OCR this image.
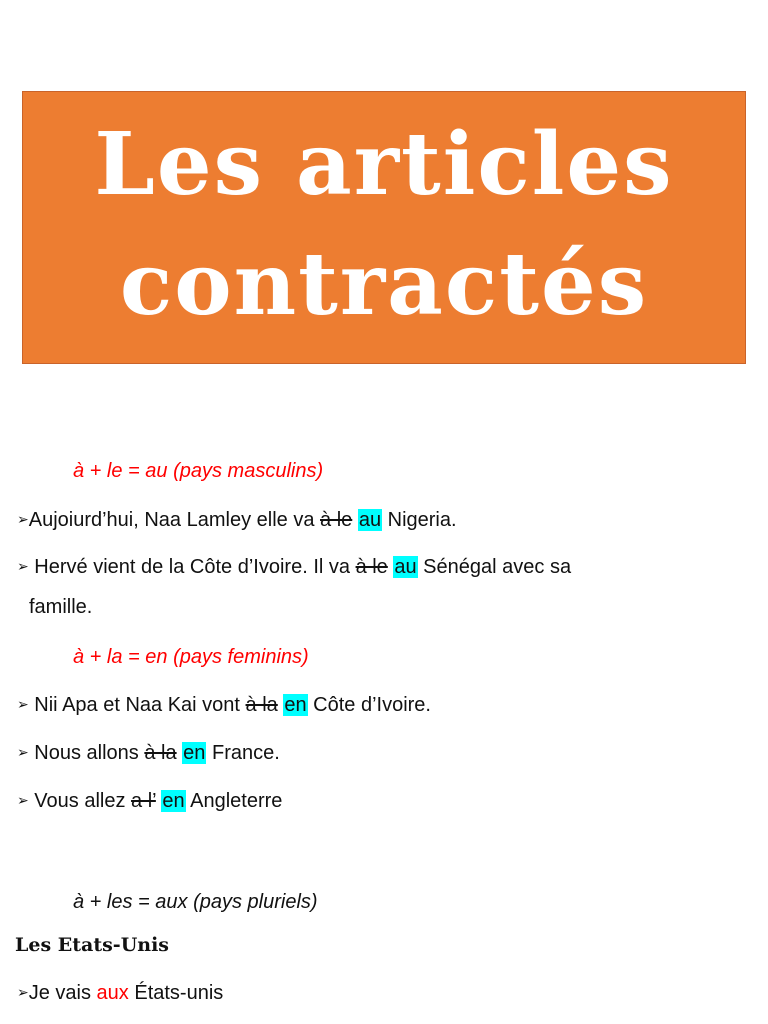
Les articles
contractés
à + le = au (pays masculins)
➢Aujoiurd’hui, Naa Lamley elle va à le au Nigeria.
➢ Hervé vient de la Côte d’Ivoire. Il va à le au Sénégal avec sa
famille.
à + la = en (pays feminins)
➢ Nii Apa et Naa Kai vont à la en Côte d’Ivoire.
➢ Nous allons à la en France.
➢ Vous allez a l’ en Angleterre
à + les = aux (pays pluriels)
Les Etats-Unis
➢Je vais aux États-unis
